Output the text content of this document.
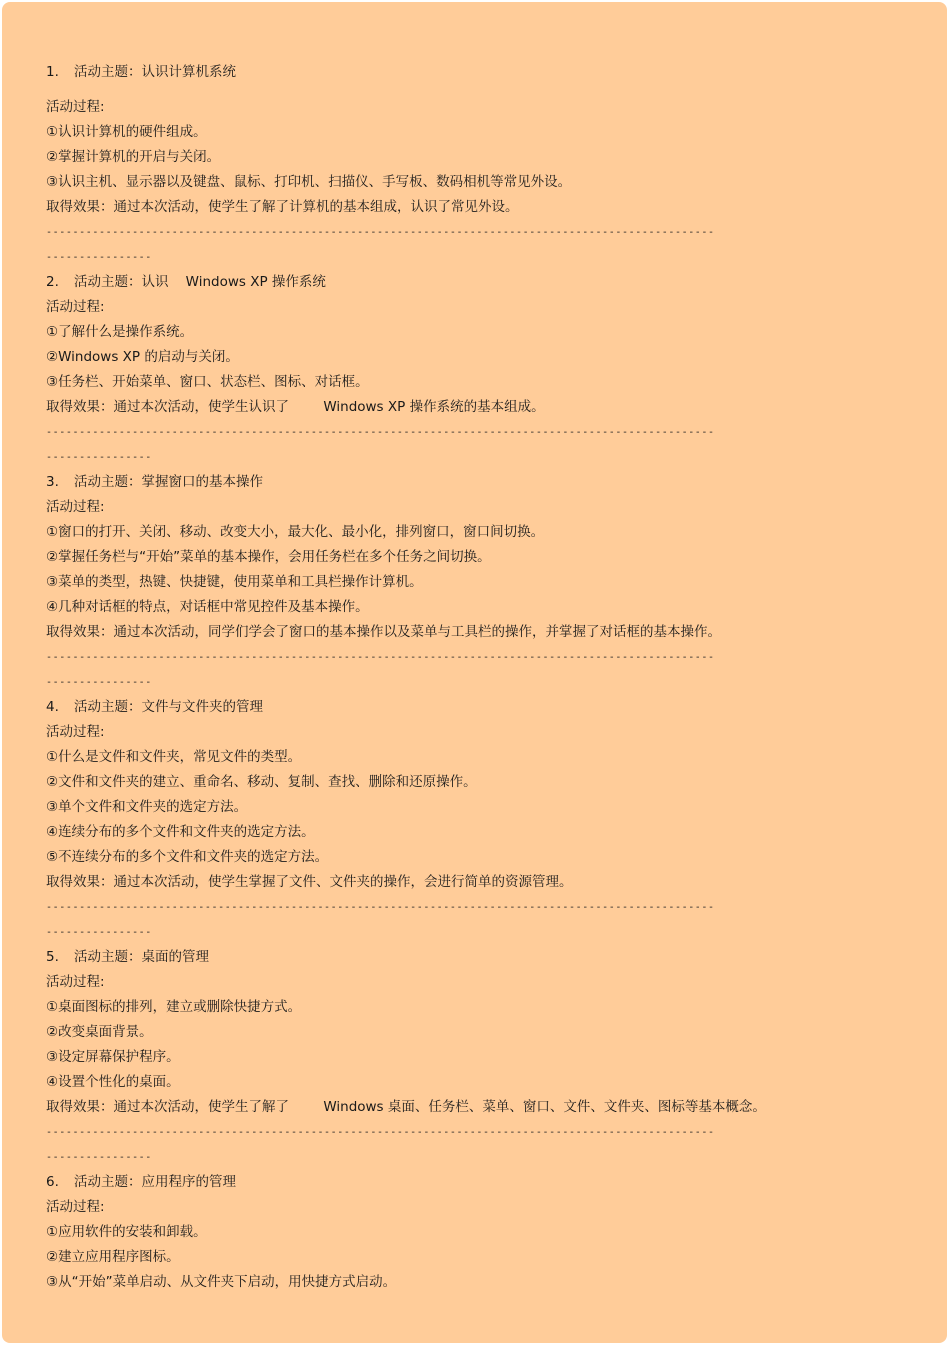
1. 活动主题：认识计算机系统
活动过程:
①认识计算机的硬件组成。
②掌握计算机的开启与关闭。
③认识主机、显示器以及键盘、鼠标、打印机、扫描仪、手写板、数码相机等常见外设。
取得效果：通过本次活动，使学生了解了计算机的基本组成，认识了常见外设。
-----------------------------------------------------------------------------------------------------
----------------
2. 活动主题：认识    Windows XP 操作系统
活动过程:
①了解什么是操作系统。
②Windows XP 的启动与关闭。
③任务栏、开始菜单、窗口、状态栏、图标、对话框。
取得效果：通过本次活动，使学生认识了        Windows XP 操作系统的基本组成。
-----------------------------------------------------------------------------------------------------
----------------
3. 活动主题：掌握窗口的基本操作
活动过程:
①窗口的打开、关闭、移动、改变大小，最大化、最小化，排列窗口，窗口间切换。
②掌握任务栏与“开始”菜单的基本操作，会用任务栏在多个任务之间切换。
③菜单的类型，热键、快捷键，使用菜单和工具栏操作计算机。
④几种对话框的特点，对话框中常见控件及基本操作。
取得效果：通过本次活动，同学们学会了窗口的基本操作以及菜单与工具栏的操作，并掌握了对话框的基本操作。
-----------------------------------------------------------------------------------------------------
----------------
4. 活动主题：文件与文件夹的管理
活动过程:
①什么是文件和文件夹，常见文件的类型。
②文件和文件夹的建立、重命名、移动、复制、查找、删除和还原操作。
③单个文件和文件夹的选定方法。
④连续分布的多个文件和文件夹的选定方法。
⑤不连续分布的多个文件和文件夹的选定方法。
取得效果：通过本次活动，使学生掌握了文件、文件夹的操作，会进行简单的资源管理。
-----------------------------------------------------------------------------------------------------
----------------
5. 活动主题：桌面的管理
活动过程:
①桌面图标的排列，建立或删除快捷方式。
②改变桌面背景。
③设定屏幕保护程序。
④设置个性化的桌面。
取得效果：通过本次活动，使学生了解了        Windows 桌面、任务栏、菜单、窗口、文件、文件夹、图标等基本概念。
-----------------------------------------------------------------------------------------------------
----------------
6. 活动主题：应用程序的管理
活动过程:
①应用软件的安装和卸载。
②建立应用程序图标。
③从“开始”菜单启动、从文件夹下启动，用快捷方式启动。
